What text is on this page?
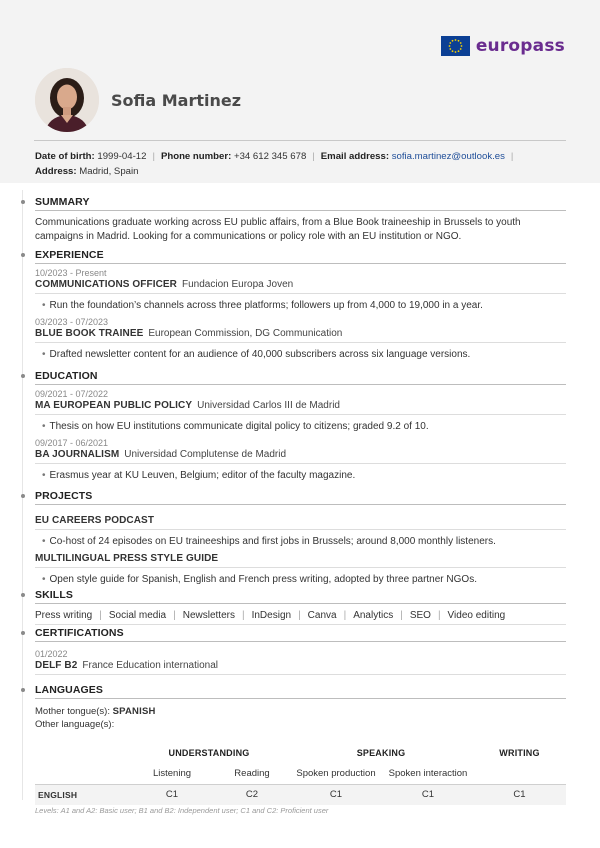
europass
Sofia Martinez
Date of birth: 1999-04-12 | Phone number: +34 612 345 678 | Email address: sofia.martinez@outlook.es |
Address: Madrid, Spain
SUMMARY
Communications graduate working across EU public affairs, from a Blue Book traineeship in Brussels to youth campaigns in Madrid. Looking for a communications or policy role with an EU institution or NGO.
EXPERIENCE
10/2023 - Present
COMMUNICATIONS OFFICER Fundacion Europa Joven
• Run the foundation’s channels across three platforms; followers up from 4,000 to 19,000 in a year.
03/2023 - 07/2023
BLUE BOOK TRAINEE European Commission, DG Communication
• Drafted newsletter content for an audience of 40,000 subscribers across six language versions.
EDUCATION
09/2021 - 07/2022
MA EUROPEAN PUBLIC POLICY Universidad Carlos III de Madrid
• Thesis on how EU institutions communicate digital policy to citizens; graded 9.2 of 10.
09/2017 - 06/2021
BA JOURNALISM Universidad Complutense de Madrid
• Erasmus year at KU Leuven, Belgium; editor of the faculty magazine.
PROJECTS
EU CAREERS PODCAST
• Co-host of 24 episodes on EU traineeships and first jobs in Brussels; around 8,000 monthly listeners.
MULTILINGUAL PRESS STYLE GUIDE
• Open style guide for Spanish, English and French press writing, adopted by three partner NGOs.
SKILLS
Press writing | Social media | Newsletters | InDesign | Canva | Analytics | SEO | Video editing
CERTIFICATIONS
01/2022
DELF B2 France Education international
LANGUAGES
Mother tongue(s): SPANISH
Other language(s):
	UNDERSTANDING		SPEAKING		WRITING
	Listening	Reading	Spoken production	Spoken interaction	
ENGLISH	C1	C2	C1	C1	C1
Levels: A1 and A2: Basic user; B1 and B2: Independent user; C1 and C2: Proficient user
